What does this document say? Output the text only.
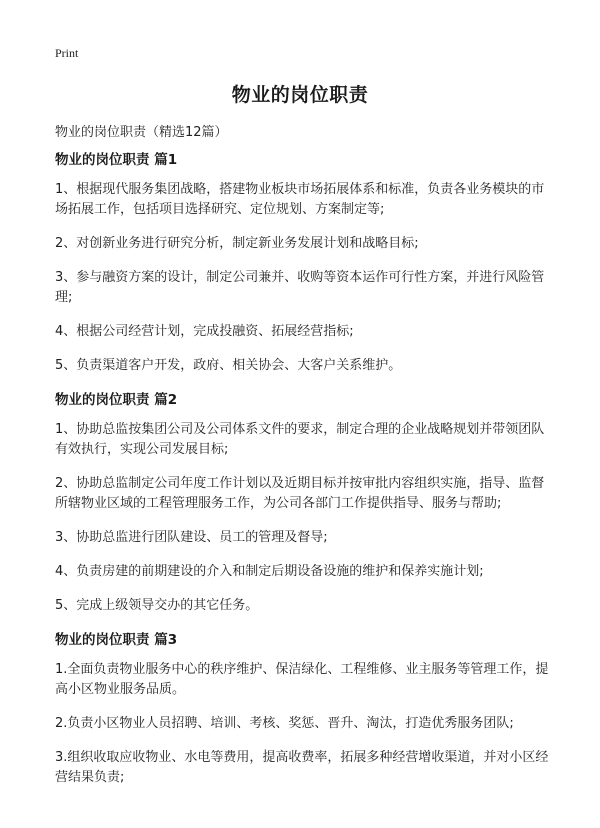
Print
物业的岗位职责
物业的岗位职责（精选12篇）
物业的岗位职责 篇1
1、根据现代服务集团战略，搭建物业板块市场拓展体系和标准，负责各业务模块的市场拓展工作，包括项目选择研究、定位规划、方案制定等;
2、对创新业务进行研究分析，制定新业务发展计划和战略目标;
3、参与融资方案的设计，制定公司兼并、收购等资本运作可行性方案，并进行风险管理;
4、根据公司经营计划，完成投融资、拓展经营指标;
5、负责渠道客户开发，政府、相关协会、大客户关系维护。
物业的岗位职责 篇2
1、协助总监按集团公司及公司体系文件的要求，制定合理的企业战略规划并带领团队有效执行，实现公司发展目标;
2、协助总监制定公司年度工作计划以及近期目标并按审批内容组织实施，指导、监督所辖物业区域的工程管理服务工作，为公司各部门工作提供指导、服务与帮助;
3、协助总监进行团队建设、员工的管理及督导;
4、负责房建的前期建设的介入和制定后期设备设施的维护和保养实施计划;
5、完成上级领导交办的其它任务。
物业的岗位职责 篇3
1.全面负责物业服务中心的秩序维护、保洁绿化、工程维修、业主服务等管理工作，提高小区物业服务品质。
2.负责小区物业人员招聘、培训、考核、奖惩、晋升、淘汰，打造优秀服务团队;
3.组织收取应收物业、水电等费用，提高收费率，拓展多种经营增收渠道，并对小区经营结果负责;
